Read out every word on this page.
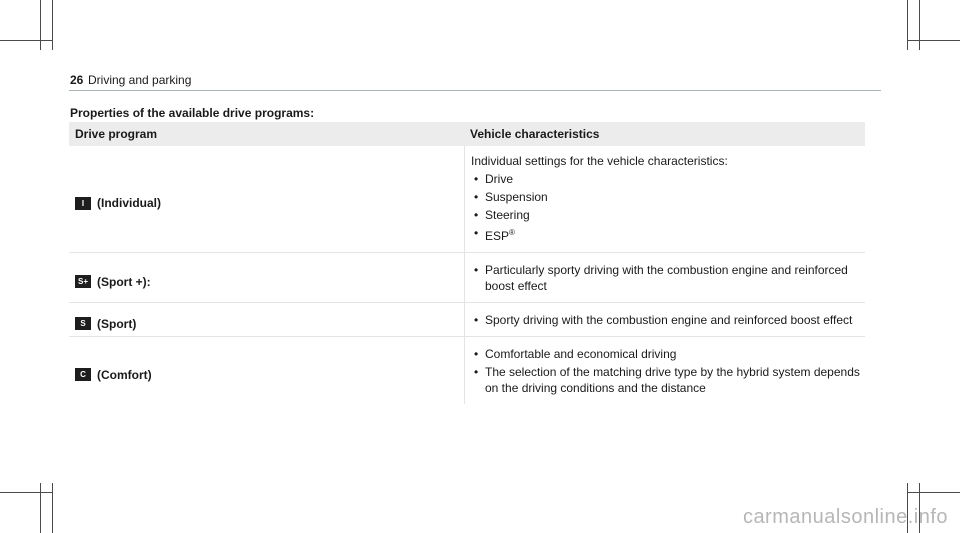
26 Driving and parking
Properties of the available drive programs:
Drive program	Vehicle characteristics
I	(Individual)
Individual settings for the vehicle characteristics:
• Drive
• Suspension
• Steering
• ESP®
S+ (Sport +):
• Particularly sporty driving with the combustion engine and reinforced boost effect
S (Sport)
•	Sporty driving with the combustion engine and reinforced boost effect
C (Comfort)
• Comfortable and economical driving
• The selection of the matching drive type by the hybrid system depends on the driving conditions and the distance
carmanualsonline.info
